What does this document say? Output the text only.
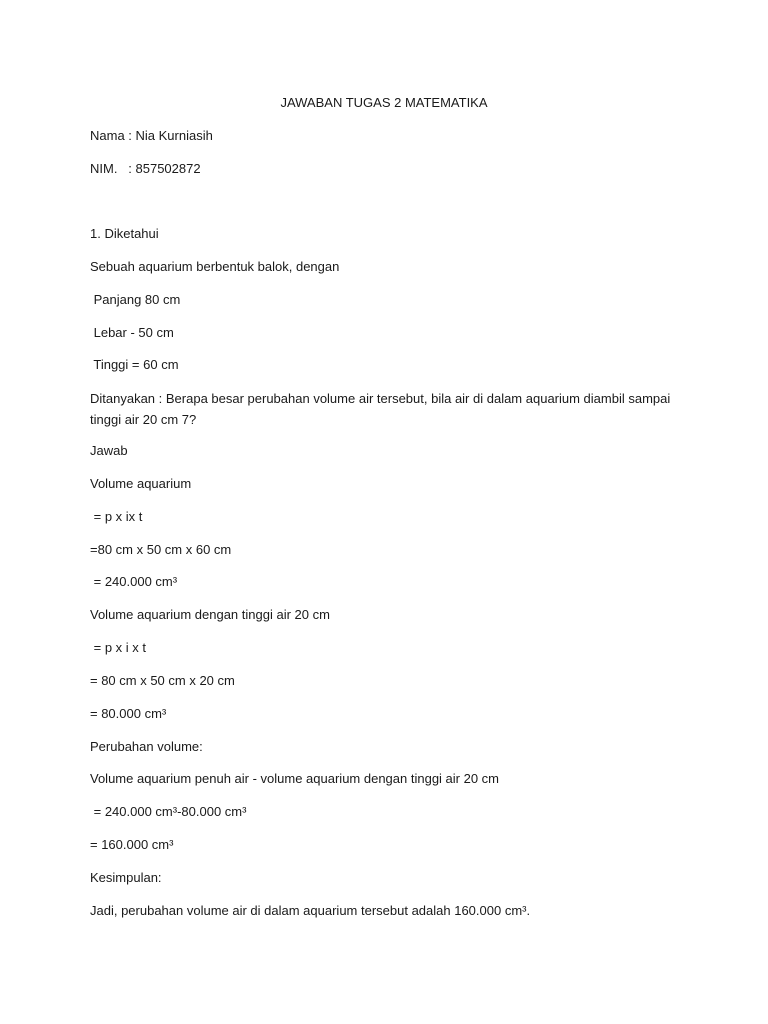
JAWABAN TUGAS 2 MATEMATIKA
Nama : Nia Kurniasih
NIM.   : 857502872
1. Diketahui
Sebuah aquarium berbentuk balok, dengan
Panjang 80 cm
Lebar - 50 cm
Tinggi = 60 cm
Ditanyakan : Berapa besar perubahan volume air tersebut, bila air di dalam aquarium diambil sampai tinggi air 20 cm 7?
Jawab
Volume aquarium
= p x ix t
=80 cm x 50 cm x 60 cm
= 240.000 cm³
Volume aquarium dengan tinggi air 20 cm
= p x i x t
= 80 cm x 50 cm x 20 cm
= 80.000 cm³
Perubahan volume:
Volume aquarium penuh air - volume aquarium dengan tinggi air 20 cm
= 240.000 cm³-80.000 cm³
= 160.000 cm³
Kesimpulan:
Jadi, perubahan volume air di dalam aquarium tersebut adalah 160.000 cm³.
